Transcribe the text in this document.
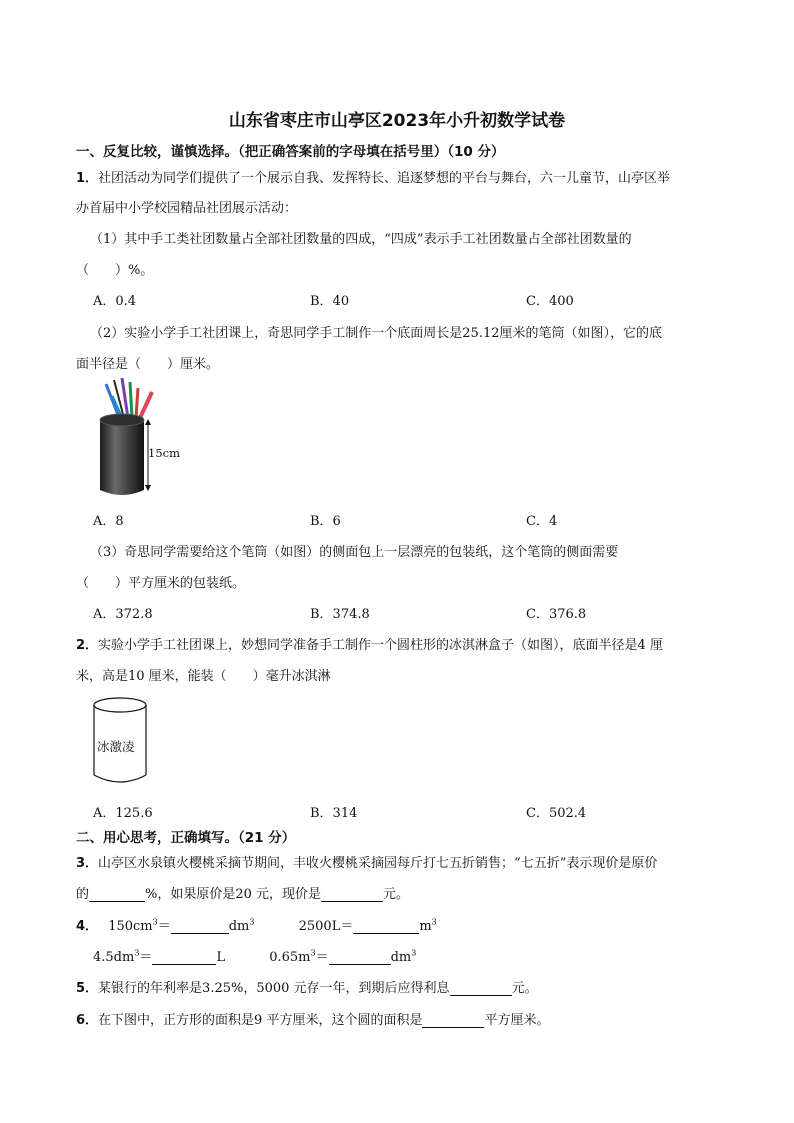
山东省枣庄市山亭区2023年小升初数学试卷
一、反复比较，谨慎选择。（把正确答案前的字母填在括号里）（10 分）
1．社团活动为同学们提供了一个展示自我、发挥特长、追逐梦想的平台与舞台，六一儿童节，山亭区举
办首届中小学校园精品社团展示活动：
（1）其中手工类社团数量占全部社团数量的四成，“四成”表示手工社团数量占全部社团数量的
（　　）%。
A．0.4	B．40	C．400
（2）实验小学手工社团课上，奇思同学手工制作一个底面周长是25.12厘米的笔筒（如图），它的底
面半径是（　　）厘米。
15cm
A．8	B．6	C．4
（3）奇思同学需要给这个笔筒（如图）的侧面包上一层漂亮的包装纸，这个笔筒的侧面需要
（　　）平方厘米的包装纸。
A．372.8	B．374.8	C．376.8
2．实验小学手工社团课上，妙想同学准备手工制作一个圆柱形的冰淇淋盒子（如图），底面半径是4 厘
米，高是10 厘米，能装（　　）毫升冰淇淋
冰激凌
A．125.6	B．314	C．502.4
二、用心思考，正确填写。（21 分）
3．山亭区水泉镇火樱桃采摘节期间，丰收火樱桃采摘园每斤打七五折销售；“七五折”表示现价是原价
的	%，如果原价是20 元，现价是	元。
4． $150cm^3=$	$dm^3$	2500L＝	$m^3$
$4.5dm^3=$	L	$0.65m^3=$	$dm^3$
5．某银行的年利率是3.25%，5000 元存一年，到期后应得利息	元。
6．在下图中，正方形的面积是9 平方厘米，这个圆的面积是	平方厘米。
